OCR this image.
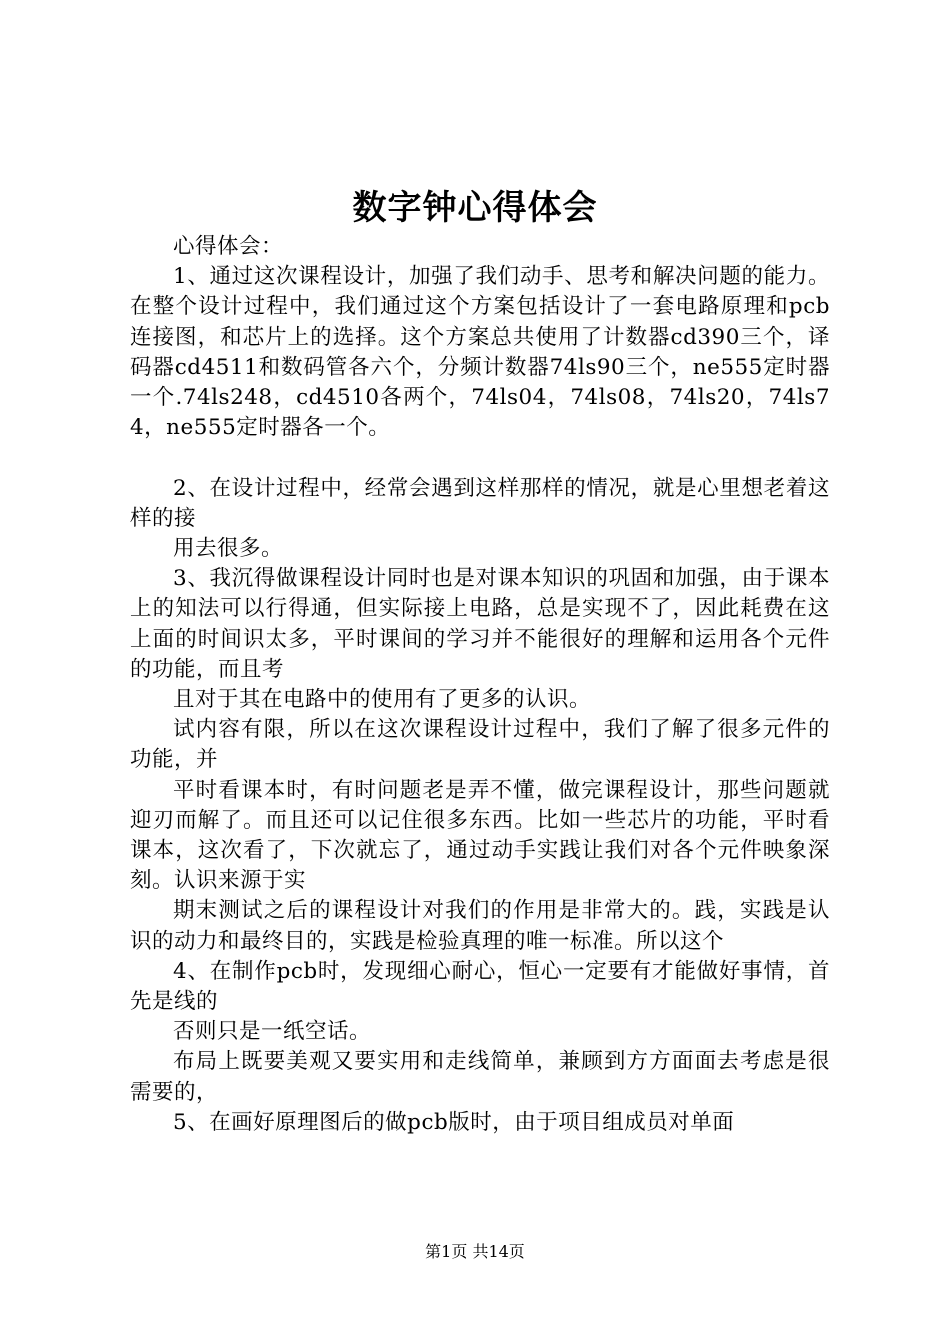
数字钟心得体会

心得体会：

1、通过这次课程设计，加强了我们动手、思考和解决问题的能力。在整个设计过程中，我们通过这个方案包括设计了一套电路原理和pcb连接图，和芯片上的选择。这个方案总共使用了计数器cd390三个，译码器cd4511和数码管各六个，分频计数器74ls90三个，ne555定时器一个.74ls248，cd4510各两个，74ls04，74ls08，74ls20，74ls74，ne555定时器各一个。

2、在设计过程中，经常会遇到这样那样的情况，就是心里想老着这样的接

用去很多。

3、我沉得做课程设计同时也是对课本知识的巩固和加强，由于课本上的知法可以行得通，但实际接上电路，总是实现不了，因此耗费在这上面的时间识太多，平时课间的学习并不能很好的理解和运用各个元件的功能，而且考

且对于其在电路中的使用有了更多的认识。

试内容有限，所以在这次课程设计过程中，我们了解了很多元件的功能，并

平时看课本时，有时问题老是弄不懂，做完课程设计，那些问题就迎刃而解了。而且还可以记住很多东西。比如一些芯片的功能，平时看课本，这次看了，下次就忘了，通过动手实践让我们对各个元件映象深刻。认识来源于实

期末测试之后的课程设计对我们的作用是非常大的。践，实践是认识的动力和最终目的，实践是检验真理的唯一标准。所以这个

4、在制作pcb时，发现细心耐心，恒心一定要有才能做好事情，首先是线的

否则只是一纸空话。

布局上既要美观又要实用和走线简单，兼顾到方方面面去考虑是很需要的，

5、在画好原理图后的做pcb版时，由于项目组成员对单面

第1页 共14页
